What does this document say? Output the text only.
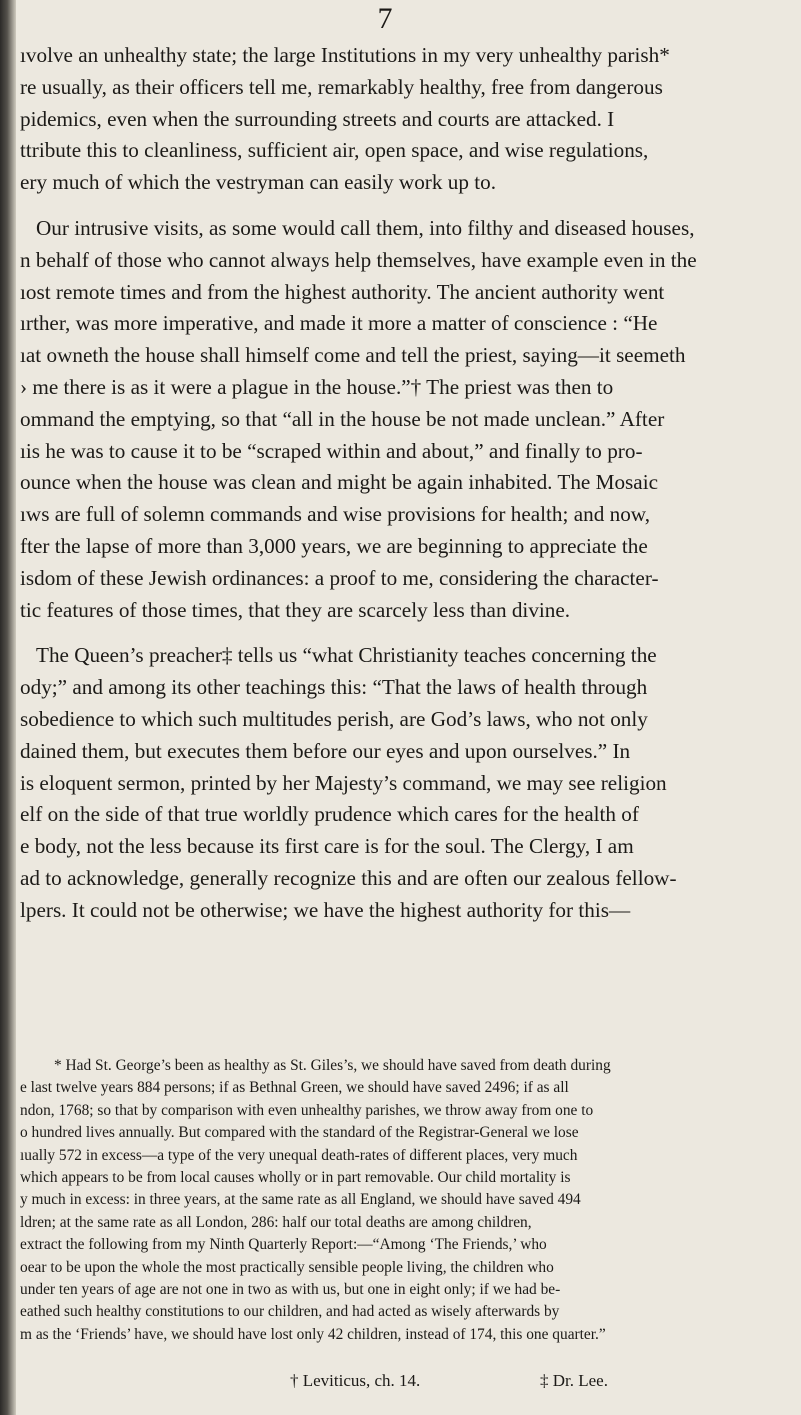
7

ıvolve an unhealthy state; the large Institutions in my very unhealthy parish*
re usually, as their officers tell me, remarkably healthy, free from dangerous
pidemics, even when the surrounding streets and courts are attacked. I
ttribute this to cleanliness, sufficient air, open space, and wise regulations,
ery much of which the vestryman can easily work up to.

Our intrusive visits, as some would call them, into filthy and diseased houses,
n behalf of those who cannot always help themselves, have example even in the
ıost remote times and from the highest authority. The ancient authority went
ırther, was more imperative, and made it more a matter of conscience : “He
ıat owneth the house shall himself come and tell the priest, saying—it seemeth
› me there is as it were a plague in the house.”† The priest was then to
ommand the emptying, so that “all in the house be not made unclean.” After
ıis he was to cause it to be “scraped within and about,” and finally to pro-
ounce when the house was clean and might be again inhabited. The Mosaic
ıws are full of solemn commands and wise provisions for health; and now,
fter the lapse of more than 3,000 years, we are beginning to appreciate the
isdom of these Jewish ordinances: a proof to me, considering the character-
tic features of those times, that they are scarcely less than divine.

The Queen’s preacher‡ tells us “what Christianity teaches concerning the
ody;” and among its other teachings this: “That the laws of health through
sobedience to which such multitudes perish, are God’s laws, who not only
dained them, but executes them before our eyes and upon ourselves.” In
is eloquent sermon, printed by her Majesty’s command, we may see religion
elf on the side of that true worldly prudence which cares for the health of
e body, not the less because its first care is for the soul. The Clergy, I am
ad to acknowledge, generally recognize this and are often our zealous fellow-
lpers. It could not be otherwise; we have the highest authority for this—

* Had St. George’s been as healthy as St. Giles’s, we should have saved from death during
e last twelve years 884 persons; if as Bethnal Green, we should have saved 2496; if as all
ndon, 1768; so that by comparison with even unhealthy parishes, we throw away from one to
o hundred lives annually. But compared with the standard of the Registrar-General we lose
ıually 572 in excess—a type of the very unequal death-rates of different places, very much
which appears to be from local causes wholly or in part removable. Our child mortality is
y much in excess: in three years, at the same rate as all England, we should have saved 494
ldren; at the same rate as all London, 286: half our total deaths are among children,
extract the following from my Ninth Quarterly Report:—“Among ‘The Friends,’ who
oear to be upon the whole the most practically sensible people living, the children who
under ten years of age are not one in two as with us, but one in eight only; if we had be-
eathed such healthy constitutions to our children, and had acted as wisely afterwards by
m as the ‘Friends’ have, we should have lost only 42 children, instead of 174, this one quarter.”
† Leviticus, ch. 14.	‡ Dr. Lee.
